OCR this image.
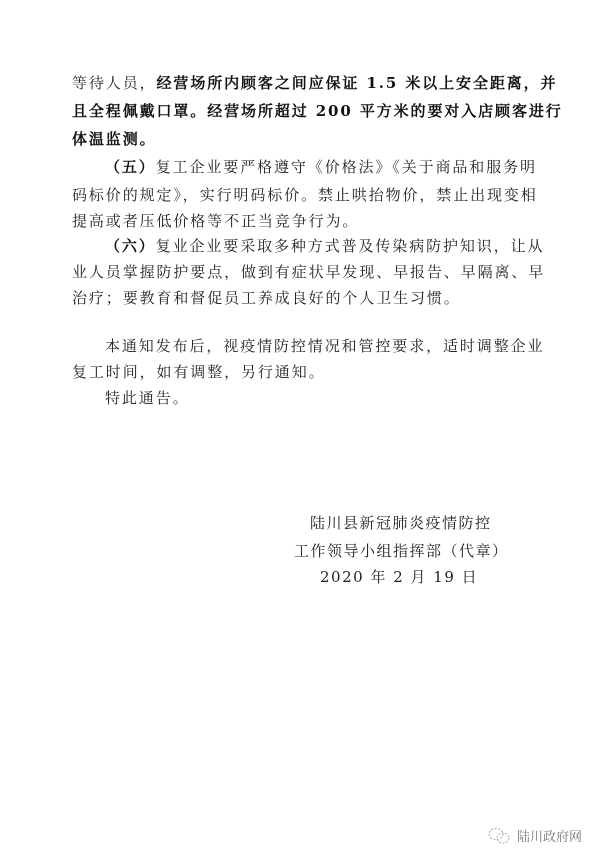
等待人员，经营场所内顾客之间应保证 1.5 米以上安全距离，并
且全程佩戴口罩。经营场所超过 200 平方米的要对入店顾客进行
体温监测。
（五）复工企业要严格遵守《价格法》《关于商品和服务明
码标价的规定》，实行明码标价。禁止哄抬物价，禁止出现变相
提高或者压低价格等不正当竞争行为。
（六）复业企业要采取多种方式普及传染病防护知识，让从
业人员掌握防护要点，做到有症状早发现、早报告、早隔离、早
治疗；要教育和督促员工养成良好的个人卫生习惯。
本通知发布后，视疫情防控情况和管控要求，适时调整企业
复工时间，如有调整，另行通知。
特此通告。
陆川县新冠肺炎疫情防控
工作领导小组指挥部（代章）
2020 年 2 月 19 日
陆川政府网
